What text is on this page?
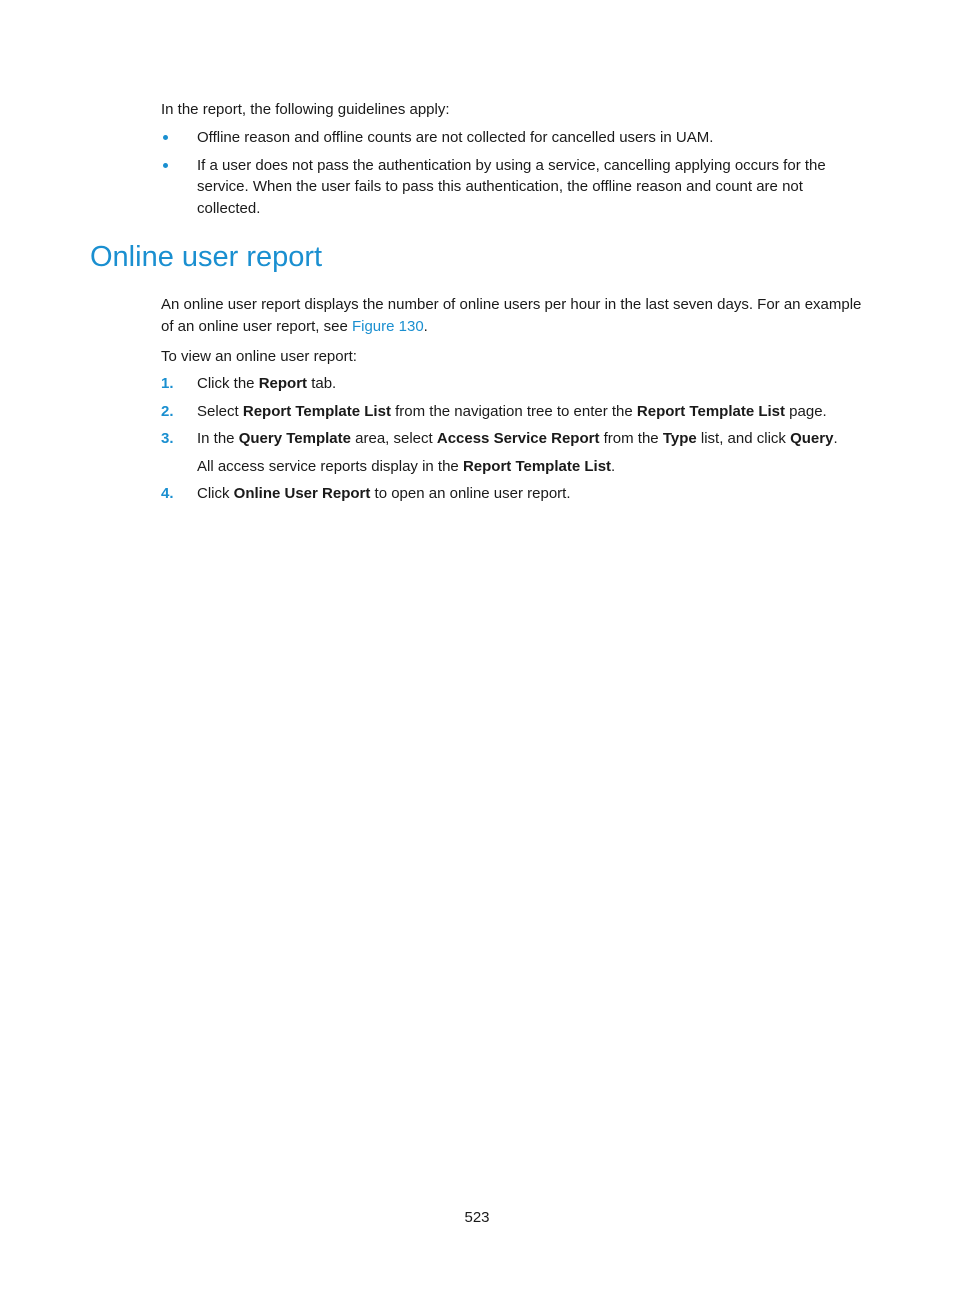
In the report, the following guidelines apply:

Offline reason and offline counts are not collected for cancelled users in UAM.
If a user does not pass the authentication by using a service, cancelling applying occurs for the service. When the user fails to pass this authentication, the offline reason and count are not collected.
Online user report

An online user report displays the number of online users per hour in the last seven days. For an example of an online user report, see Figure 130.

To view an online user report:

1. Click the Report tab.
2. Select Report Template List from the navigation tree to enter the Report Template List page.
3. In the Query Template area, select Access Service Report from the Type list, and click Query.
All access service reports display in the Report Template List.
4. Click Online User Report to open an online user report.

523
